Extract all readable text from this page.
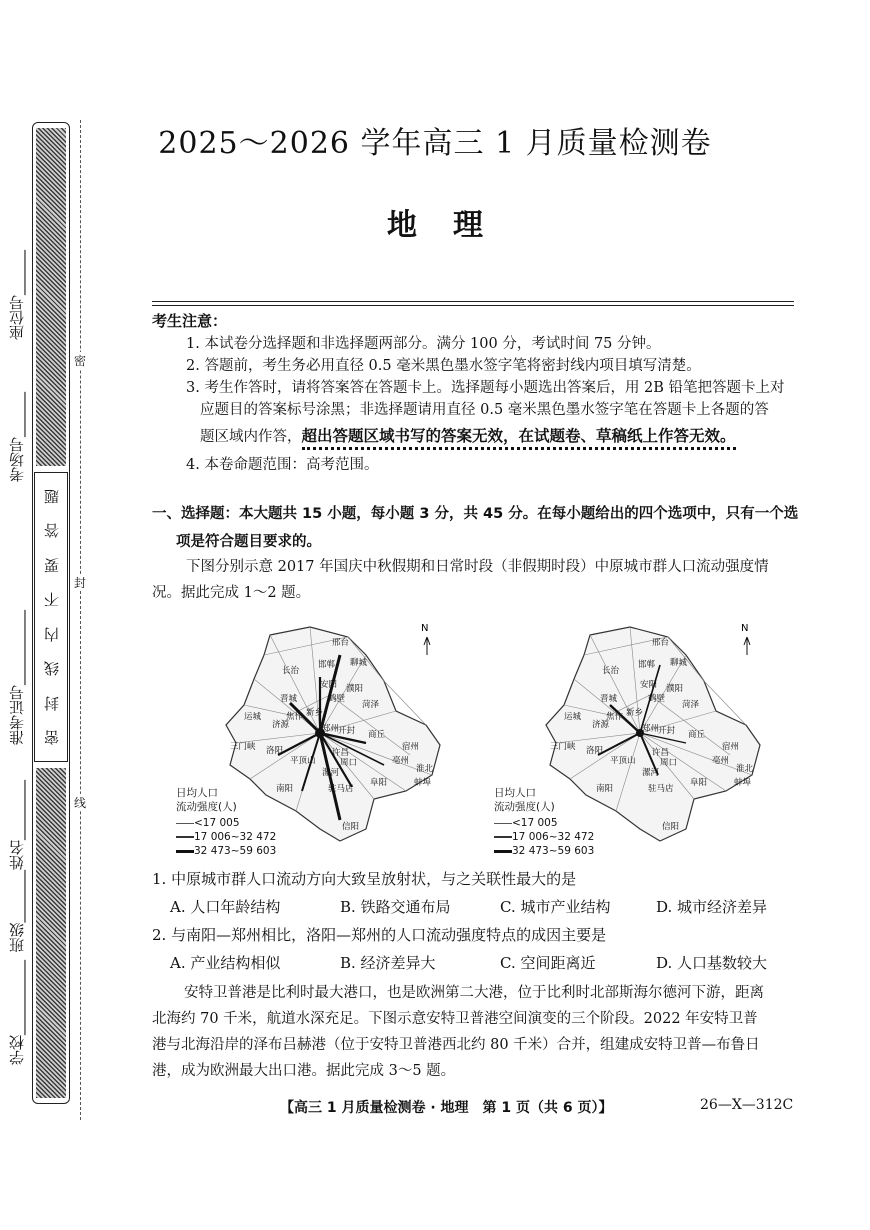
题
答
要
不
内
线
封
密
座位号______
考场号______
准考证号__________
姓名________
班级_______
学校__________
密
封
线
2025～2026 学年高三 1 月质量检测卷
地理
考生注意：
1. 本试卷分选择题和非选择题两部分。满分 100 分，考试时间 75 分钟。
2. 答题前，考生务必用直径 0.5 毫米黑色墨水签字笔将密封线内项目填写清楚。
3. 考生作答时，请将答案答在答题卡上。选择题每小题选出答案后，用 2B 铅笔把答题卡上对
应题目的答案标号涂黑；非选择题请用直径 0.5 毫米黑色墨水签字笔在答题卡上各题的答
题区域内作答，超出答题区域书写的答案无效，在试题卷、草稿纸上作答无效。
4. 本卷命题范围：高考范围。
一、选择题：本大题共 15 小题，每小题 3 分，共 45 分。在每小题给出的四个选项中，只有一个选
项是符合题目要求的。
下图分别示意 2017 年国庆中秋假期和日常时段（非假期时段）中原城市群人口流动强度情
况。据此完成 1～2 题。
邢台
邯郸 聊城
长治
晋城
安阳 濮阳
鹤壁
菏泽
焦作 新乡
运城
济源	郑州
开封 商丘
三门峡 洛阳	宿州
许昌
亳州
平顶山	周口
漯河	淮北
蚌埠
阜阳
南阳	驻马店
信阳
N
日均人口
流动强度(人)
<17 005
17 006~32 472
32 473~59 603
邢台
邯郸 聊城
长治
晋城
安阳 濮阳
鹤壁
菏泽
焦作 新乡
运城
济源	郑州
开封 商丘
三门峡 洛阳	宿州
许昌
亳州
平顶山	周口
漯河	淮北
蚌埠
阜阳
南阳	驻马店
信阳
N
日均人口
流动强度(人)
<17 005
17 006~32 472
32 473~59 603
1. 中原城市群人口流动方向大致呈放射状，与之关联性最大的是
A. 人口年龄结构	B. 铁路交通布局	C. 城市产业结构	D. 城市经济差异
2. 与南阳—郑州相比，洛阳—郑州的人口流动强度特点的成因主要是
A. 产业结构相似	B. 经济差异大	C. 空间距离近	D. 人口基数较大
安特卫普港是比利时最大港口，也是欧洲第二大港，位于比利时北部斯海尔德河下游，距离
北海约 70 千米，航道水深充足。下图示意安特卫普港空间演变的三个阶段。2022 年安特卫普
港与北海沿岸的泽布吕赫港（位于安特卫普港西北约 80 千米）合并，组建成安特卫普—布鲁日
港，成为欧洲最大出口港。据此完成 3～5 题。
【高三 1 月质量检测卷 · 地理　第 1 页（共 6 页）】	26—X—312C
